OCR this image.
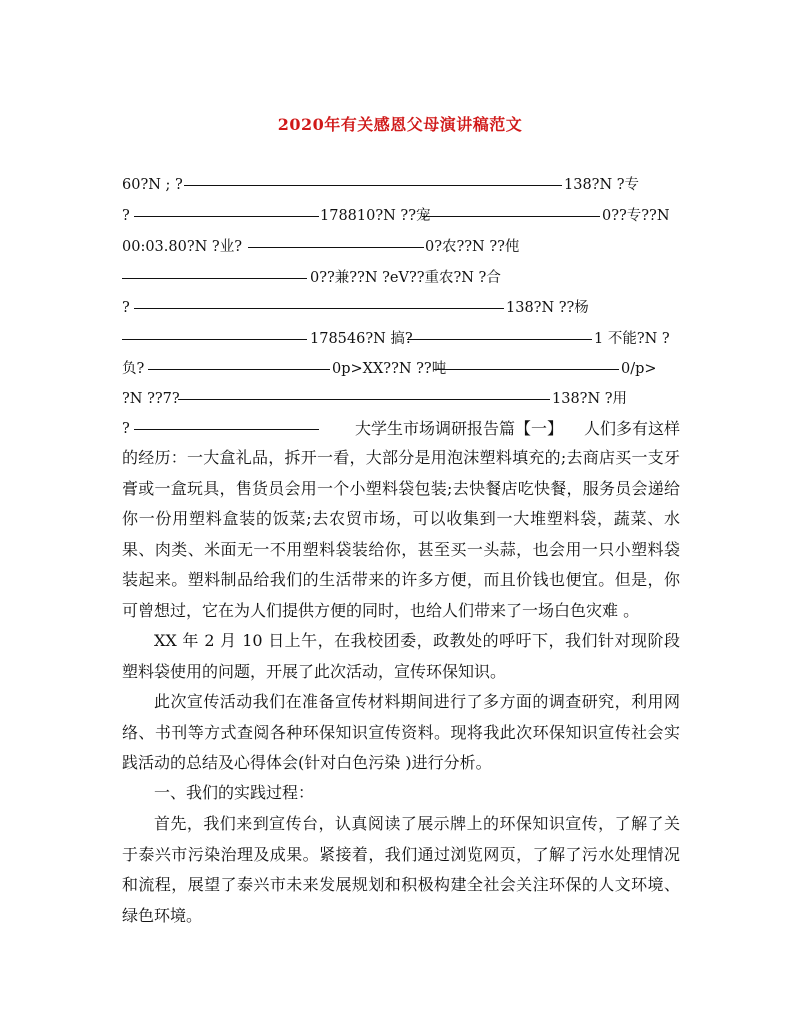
2020年有关感恩父母演讲稿范文
60?N ; ?	138?N ?专
?	178810?N ??宠	0??专??N
00:03.80?N ?业?	0?农??N ??伅
0??兼??N ?eV??重农?N ?合
?	138?N ??杨
178546?N 搞?	1 不能?N ?
负?	0p>XX??N ??吨	0/p>
?N ??7?	138?N ?用
?	大学生市场调研报告篇【一】 人们多有这样

的经历：一大盒礼品，拆开一看，大部分是用泡沫塑料填充的;去商店买一支牙膏或一盒玩具，售货员会用一个小塑料袋包装;去快餐店吃快餐，服务员会递给你一份用塑料盒装的饭菜;去农贸市场，可以收集到一大堆塑料袋，蔬菜、水果、肉类、米面无一不用塑料袋装给你，甚至买一头蒜，也会用一只小塑料袋装起来。塑料制品给我们的生活带来的许多方便，而且价钱也便宜。但是，你可曾想过，它在为人们提供方便的同时，也给人们带来了一场白色灾难 。

XX 年 2 月 10 日上午，在我校团委，政教处的呼吁下，我们针对现阶段塑料袋使用的问题，开展了此次活动，宣传环保知识。

此次宣传活动我们在准备宣传材料期间进行了多方面的调查研究，利用网络、书刊等方式查阅各种环保知识宣传资料。现将我此次环保知识宣传社会实践活动的总结及心得体会(针对白色污染 )进行分析。

一、我们的实践过程：

首先，我们来到宣传台，认真阅读了展示牌上的环保知识宣传，了解了关于泰兴市污染治理及成果。紧接着，我们通过浏览网页，了解了污水处理情况和流程，展望了泰兴市未来发展规划和积极构建全社会关注环保的人文环境、绿色环境。
